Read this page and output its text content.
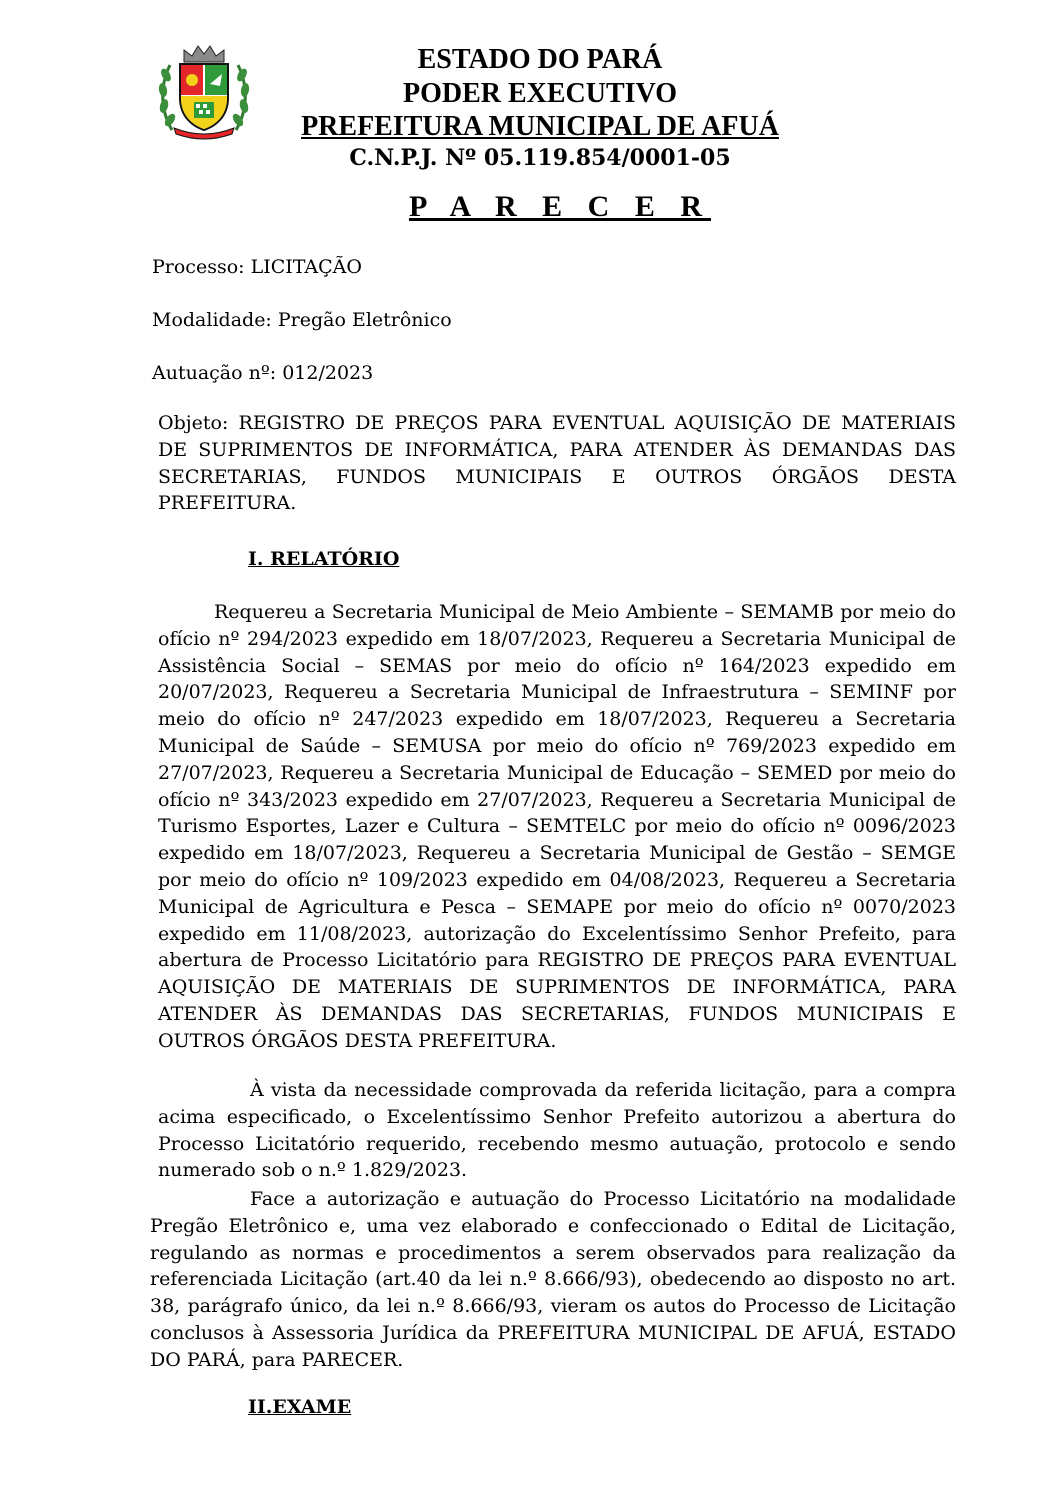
ESTADO DO PARÁ
PODER EXECUTIVO
PREFEITURA MUNICIPAL DE AFUÁ
C.N.P.J. Nº 05.119.854/0001-05
P A R E C E R
Processo: LICITAÇÃO
Modalidade: Pregão Eletrônico
Autuação nº: 012/2023

Objeto: REGISTRO DE PREÇOS PARA EVENTUAL AQUISIÇÃO DE MATERIAIS DE SUPRIMENTOS DE INFORMÁTICA, PARA ATENDER ÀS DEMANDAS DAS SECRETARIAS, FUNDOS MUNICIPAIS E OUTROS ÓRGÃOS DESTA PREFEITURA.

I. RELATÓRIO

Requereu a Secretaria Municipal de Meio Ambiente – SEMAMB por meio do ofício nº 294/2023 expedido em 18/07/2023, Requereu a Secretaria Municipal de Assistência Social – SEMAS por meio do ofício nº 164/2023 expedido em 20/07/2023, Requereu a Secretaria Municipal de Infraestrutura – SEMINF por meio do ofício nº 247/2023 expedido em 18/07/2023, Requereu a Secretaria Municipal de Saúde – SEMUSA por meio do ofício nº 769/2023 expedido em 27/07/2023, Requereu a Secretaria Municipal de Educação – SEMED por meio do ofício nº 343/2023 expedido em 27/07/2023, Requereu a Secretaria Municipal de Turismo Esportes, Lazer e Cultura – SEMTELC por meio do ofício nº 0096/2023 expedido em 18/07/2023, Requereu a Secretaria Municipal de Gestão – SEMGE por meio do ofício nº 109/2023 expedido em 04/08/2023, Requereu a Secretaria Municipal de Agricultura e Pesca – SEMAPE por meio do ofício nº 0070/2023 expedido em 11/08/2023, autorização do Excelentíssimo Senhor Prefeito, para abertura de Processo Licitatório para REGISTRO DE PREÇOS PARA EVENTUAL AQUISIÇÃO DE MATERIAIS DE SUPRIMENTOS DE INFORMÁTICA, PARA ATENDER ÀS DEMANDAS DAS SECRETARIAS, FUNDOS MUNICIPAIS E OUTROS ÓRGÃOS DESTA PREFEITURA.

À vista da necessidade comprovada da referida licitação, para a compra acima especificado, o Excelentíssimo Senhor Prefeito autorizou a abertura do Processo Licitatório requerido, recebendo mesmo autuação, protocolo e sendo numerado sob o n.º 1.829/2023.

Face a autorização e autuação do Processo Licitatório na modalidade Pregão Eletrônico e, uma vez elaborado e confeccionado o Edital de Licitação, regulando as normas e procedimentos a serem observados para realização da referenciada Licitação (art.40 da lei n.º 8.666/93), obedecendo ao disposto no art. 38, parágrafo único, da lei n.º 8.666/93, vieram os autos do Processo de Licitação conclusos à Assessoria Jurídica da PREFEITURA MUNICIPAL DE AFUÁ, ESTADO DO PARÁ, para PARECER.

II.EXAME
